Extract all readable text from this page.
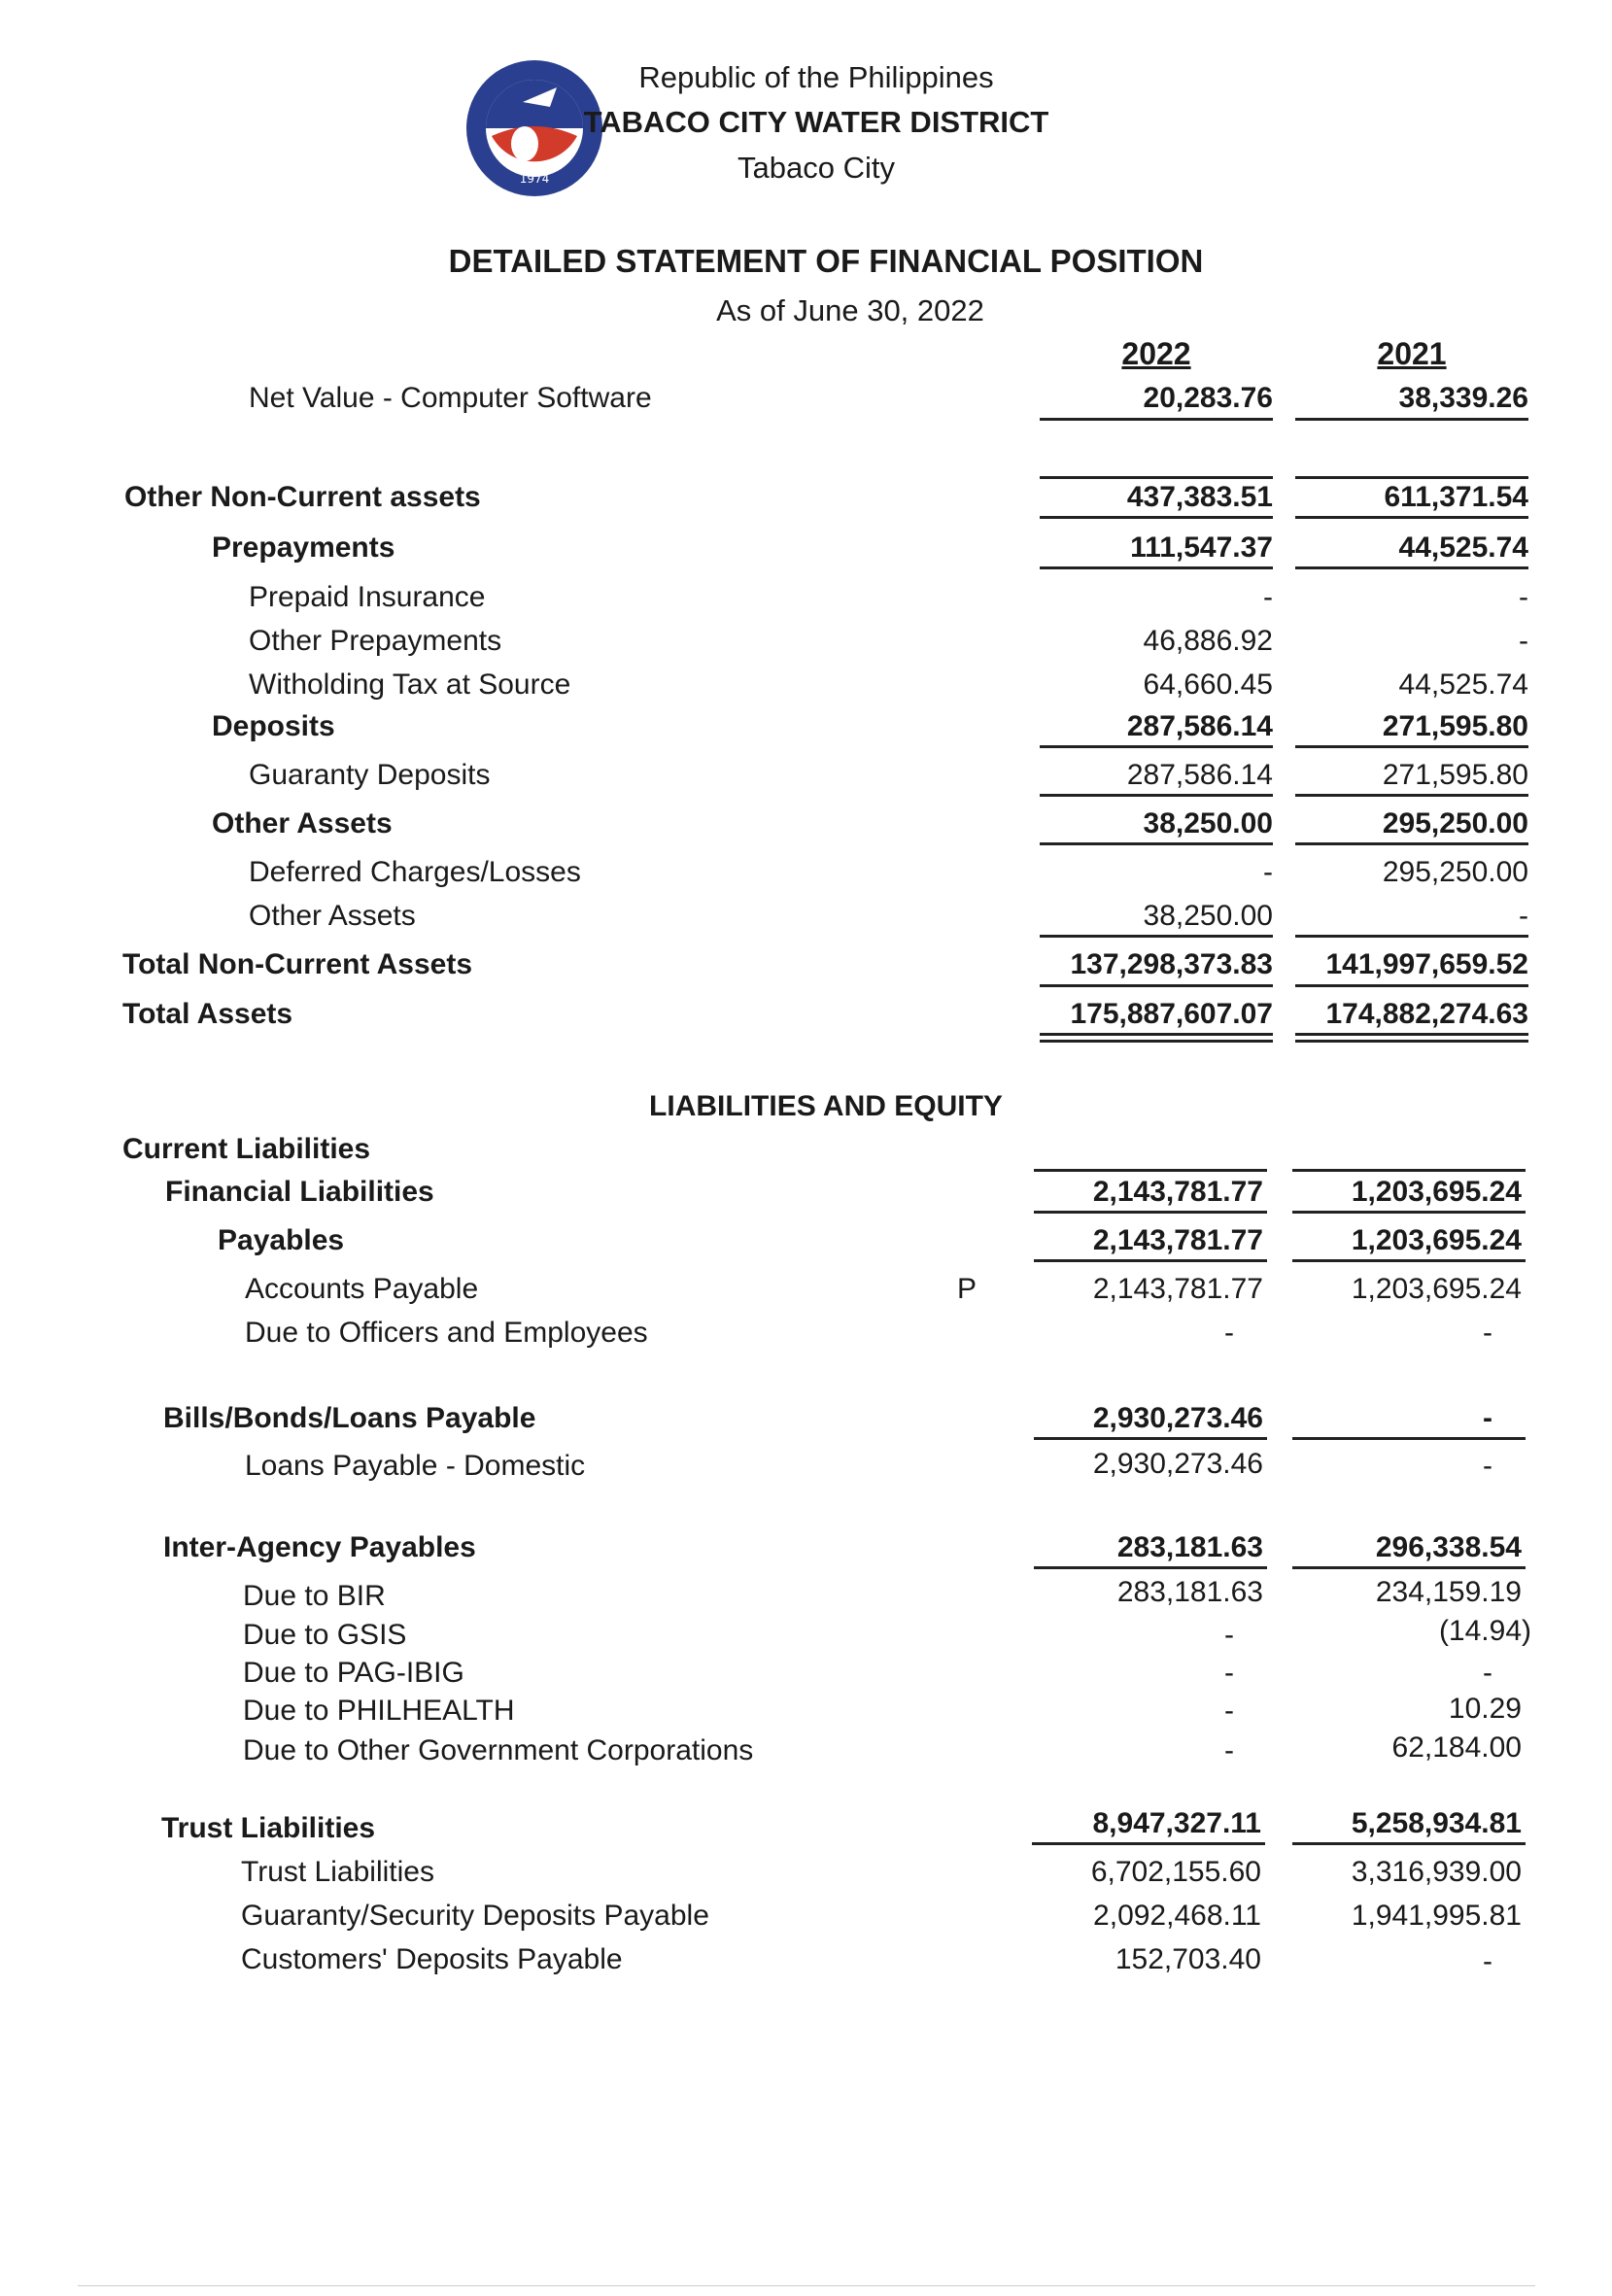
1974
Republic of the Philippines
TABACO CITY WATER DISTRICT
Tabaco City
DETAILED STATEMENT OF FINANCIAL POSITION
As of June 30, 2022
2022	2021
Net Value - Computer Software	20,283.76	38,339.26
Other Non-Current assets	437,383.51	611,371.54
Prepayments	111,547.37	44,525.74
Prepaid Insurance	-	-
Other Prepayments	46,886.92	-
Witholding Tax at Source	64,660.45	44,525.74
Deposits	287,586.14	271,595.80
Guaranty Deposits	287,586.14	271,595.80
Other Assets	38,250.00	295,250.00
Deferred Charges/Losses	-	295,250.00
Other Assets	38,250.00	-
Total Non-Current Assets	137,298,373.83	141,997,659.52
Total Assets	175,887,607.07	174,882,274.63
LIABILITIES AND EQUITY
Current Liabilities
Financial Liabilities	2,143,781.77	1,203,695.24
Payables	2,143,781.77	1,203,695.24
Accounts Payable	P	2,143,781.77	1,203,695.24
Due to Officers and Employees	-	-
Bills/Bonds/Loans Payable	2,930,273.46	-
Loans Payable - Domestic	2,930,273.46	-
Inter-Agency Payables	283,181.63	296,338.54
Due to BIR	283,181.63	234,159.19
Due to GSIS	-	(14.94)
Due to PAG-IBIG	-	-
Due to PHILHEALTH	-	10.29
Due to Other Government Corporations	-	62,184.00
Trust Liabilities	8,947,327.11	5,258,934.81
Trust Liabilities	6,702,155.60	3,316,939.00
Guaranty/Security Deposits Payable	2,092,468.11	1,941,995.81
Customers' Deposits Payable	152,703.40	-
